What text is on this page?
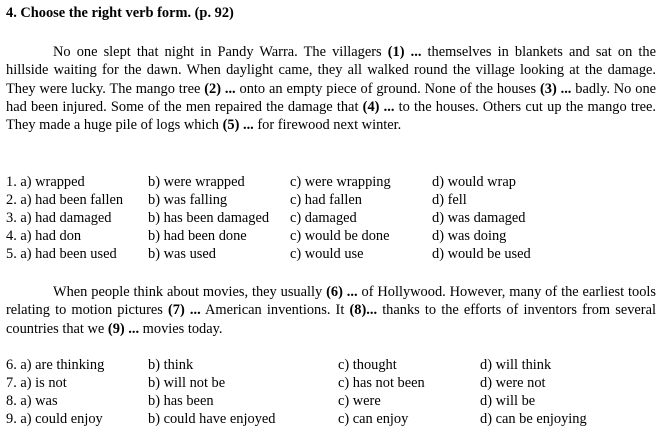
4. Choose the right verb form. (p. 92)

No one slept that night in Pandy Warra. The villagers (1) ... themselves in blankets and sat on the hillside waiting for the dawn. When daylight came, they all walked round the village looking at the damage. They were lucky. The mango tree (2) ... onto an empty piece of ground. None of the houses (3) ... badly. No one had been injured. Some of the men repaired the damage that (4) ... to the houses. Others cut up the mango tree. They made a huge pile of logs which (5) ... for firewood next winter.

1. a) wrapped	b) were wrapped	c) were wrapping	d) would wrap
2. a) had been fallen b) was falling	c) had fallen	d) fell
3. a) had damaged	b) has been damaged c) damaged	d) was damaged
4. a) had don	b) had been done	c) would be done	d) was doing
5. a) had been used b) was used	c) would use	d) would be used

When people think about movies, they usually (6) ... of Hollywood. However, many of the earliest tools relating to motion pictures (7) ... American inventions. It (8)... thanks to the efforts of inventors from several countries that we (9) ... movies today.

6. a) are thinking	b) think	c) thought	d) will think
7. a) is not	b) will not be	c) has not been	d) were not
8. a) was	b) has been	c) were	d) will be
9. a) could enjoy	b) could have enjoyed	c) can enjoy	d) can be enjoying
